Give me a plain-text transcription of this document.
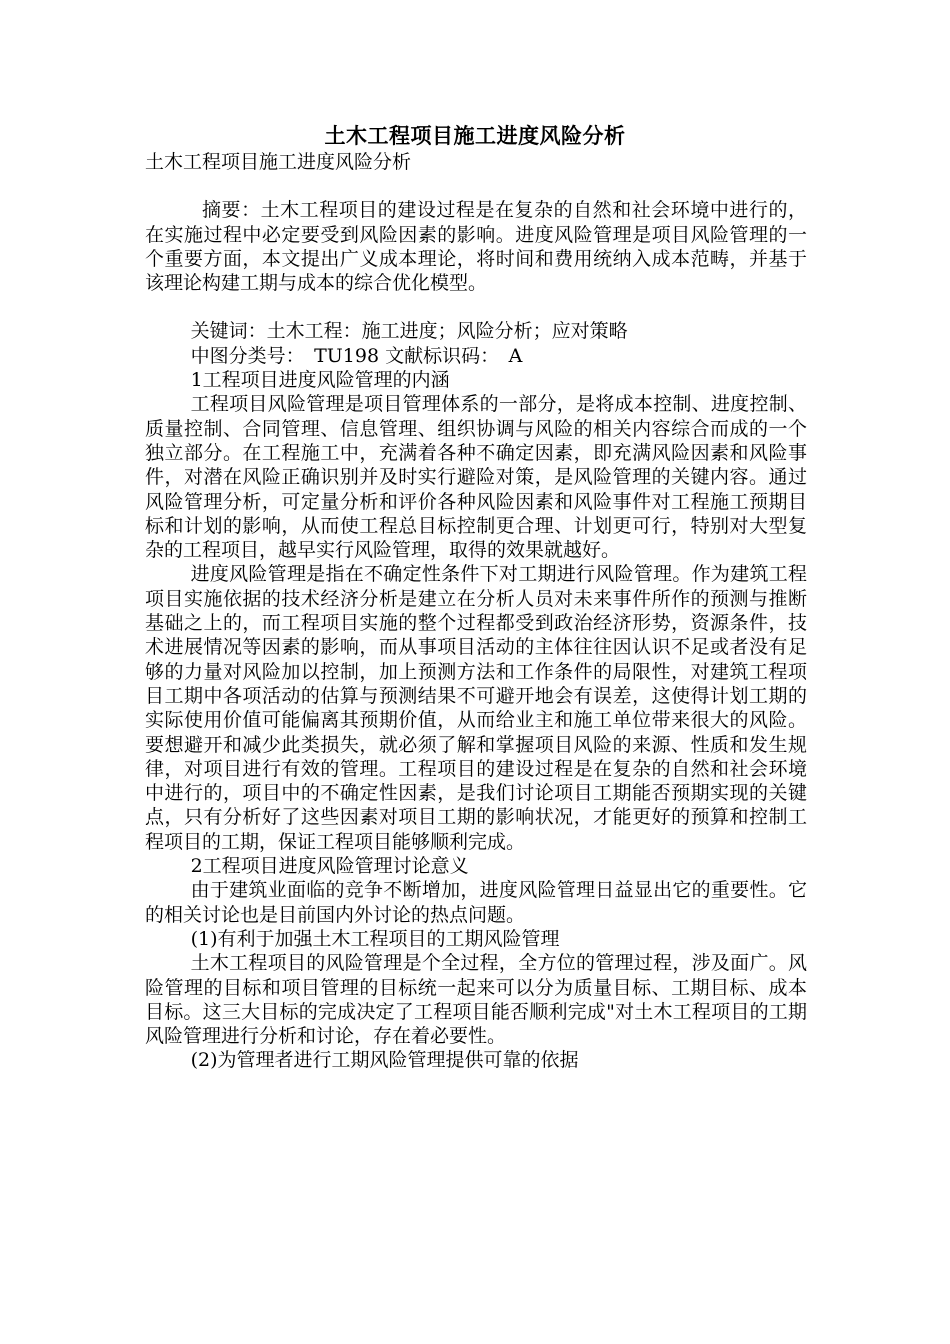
土木工程项目施工进度风险分析

土木工程项目施工进度风险分析

摘要：土木工程项目的建设过程是在复杂的自然和社会环境中进行的，在实施过程中必定要受到风险因素的影响。进度风险管理是项目风险管理的一个重要方面，本文提出广义成本理论，将时间和费用统纳入成本范畴，并基于该理论构建工期与成本的综合优化模型。

关键词：土木工程：施工进度；风险分析；应对策略

中图分类号：　TU198 文献标识码：　A

1工程项目进度风险管理的内涵

工程项目风险管理是项目管理体系的一部分，是将成本控制、进度控制、质量控制、合同管理、信息管理、组织协调与风险的相关内容综合而成的一个独立部分。在工程施工中，充满着各种不确定因素，即充满风险因素和风险事件，对潜在风险正确识别并及时实行避险对策，是风险管理的关键内容。通过风险管理分析，可定量分析和评价各种风险因素和风险事件对工程施工预期目标和计划的影响，从而使工程总目标控制更合理、计划更可行，特别对大型复杂的工程项目，越早实行风险管理，取得的效果就越好。

进度风险管理是指在不确定性条件下对工期进行风险管理。作为建筑工程项目实施依据的技术经济分析是建立在分析人员对未来事件所作的预测与推断基础之上的，而工程项目实施的整个过程都受到政治经济形势，资源条件，技术进展情况等因素的影响，而从事项目活动的主体往往因认识不足或者没有足够的力量对风险加以控制，加上预测方法和工作条件的局限性，对建筑工程项目工期中各项活动的估算与预测结果不可避开地会有误差，这使得计划工期的实际使用价值可能偏离其预期价值，从而给业主和施工单位带来很大的风险。要想避开和减少此类损失，就必须了解和掌握项目风险的来源、性质和发生规律，对项目进行有效的管理。工程项目的建设过程是在复杂的自然和社会环境中进行的，项目中的不确定性因素，是我们讨论项目工期能否预期实现的关键点，只有分析好了这些因素对项目工期的影响状况，才能更好的预算和控制工程项目的工期，保证工程项目能够顺利完成。

2工程项目进度风险管理讨论意义

由于建筑业面临的竞争不断增加，进度风险管理日益显出它的重要性。它的相关讨论也是目前国内外讨论的热点问题。

(1)有利于加强土木工程项目的工期风险管理

土木工程项目的风险管理是个全过程，全方位的管理过程，涉及面广。风险管理的目标和项目管理的目标统一起来可以分为质量目标、工期目标、成本目标。这三大目标的完成决定了工程项目能否顺利完成"对土木工程项目的工期风险管理进行分析和讨论，存在着必要性。

(2)为管理者进行工期风险管理提供可靠的依据
